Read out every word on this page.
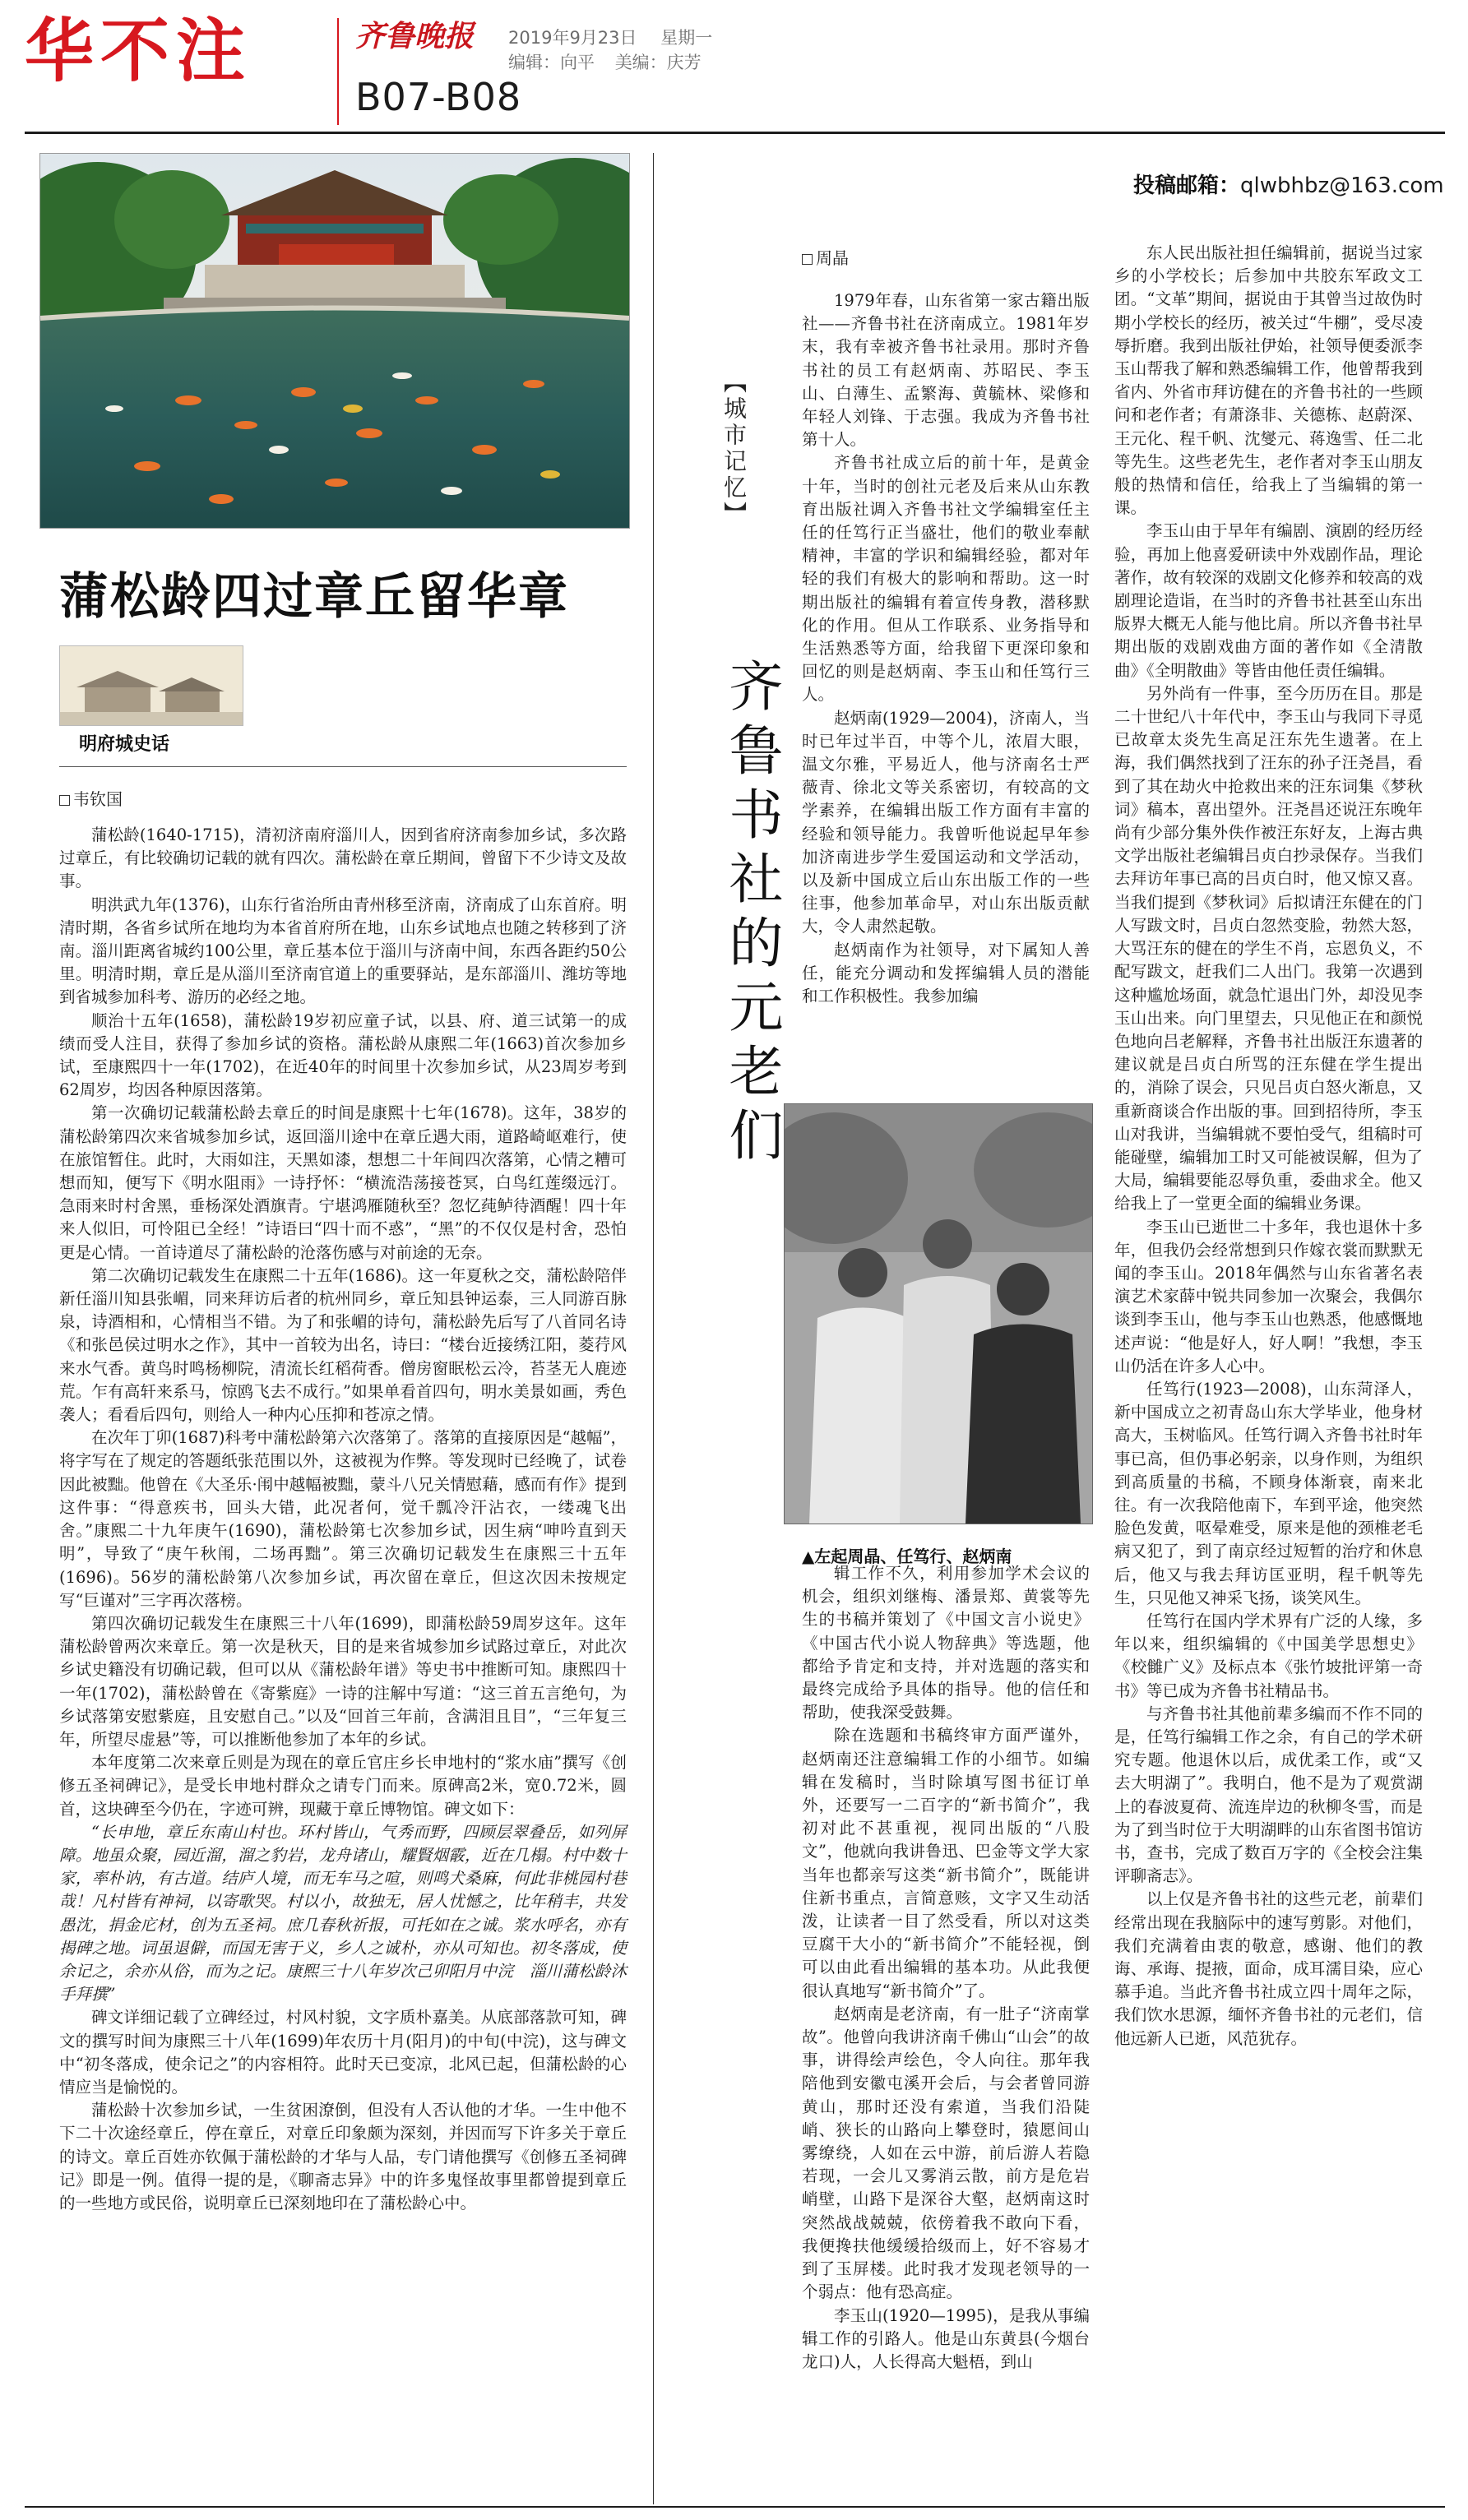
华不注	齐鲁晚报 2019年9月23日 星期一
编辑：向平 美编：庆芳
B07-B08
投稿邮箱：qlwbhbz@163.com
蒲松龄四过章丘留华章
明府城史话
韦钦国

蒲松龄(1640-1715)，清初济南府淄川人，因到省府济南参加乡试，多次路过章丘，有比较确切记载的就有四次。蒲松龄在章丘期间，曾留下不少诗文及故事。

明洪武九年(1376)，山东行省治所由青州移至济南，济南成了山东首府。明清时期，各省乡试所在地均为本省首府所在地，山东乡试地点也随之转移到了济南。淄川距离省城约100公里，章丘基本位于淄川与济南中间，东西各距约50公里。明清时期，章丘是从淄川至济南官道上的重要驿站，是东部淄川、潍坊等地到省城参加科考、游历的必经之地。

顺治十五年(1658)，蒲松龄19岁初应童子试，以县、府、道三试第一的成绩而受人注目，获得了参加乡试的资格。蒲松龄从康熙二年(1663)首次参加乡试，至康熙四十一年(1702)，在近40年的时间里十次参加乡试，从23周岁考到62周岁，均因各种原因落第。

第一次确切记载蒲松龄去章丘的时间是康熙十七年(1678)。这年，38岁的蒲松龄第四次来省城参加乡试，返回淄川途中在章丘遇大雨，道路崎岖难行，使在旅馆暂住。此时，大雨如注，天黑如漆，想想二十年间四次落第，心情之糟可想而知，便写下《明水阻雨》一诗抒怀：“横流浩荡接苍冥，白鸟红莲缀远汀。急雨来时村舍黑，垂杨深处酒旗青。宁堪鸿雁随秋至？忽忆莼鲈待酒醒！四十年来人似旧，可怜阻已全经！”诗语曰“四十而不惑”，“黑”的不仅仅是村舍，恐怕更是心情。一首诗道尽了蒲松龄的沧落伤感与对前途的无奈。

第二次确切记载发生在康熙二十五年(1686)。这一年夏秋之交，蒲松龄陪伴新任淄川知县张嵋，同来拜访后者的杭州同乡，章丘知县钟运泰，三人同游百脉泉，诗酒相和，心情相当不错。为了和张嵋的诗句，蒲松龄先后写了八首同名诗《和张邑侯过明水之作》，其中一首较为出名，诗曰：“楼台近接绣江阳，菱荇风来水气香。黄鸟时鸣杨柳院，清流长红稻荷香。僧房窗眠松云冷，苔茎无人鹿迹荒。乍有高轩来系马，惊鸥飞去不成行。”如果单看首四句，明水美景如画，秀色袭人；看看后四句，则给人一种内心压抑和苍凉之情。

在次年丁卯(1687)科考中蒲松龄第六次落第了。落第的直接原因是“越幅”，将字写在了规定的答题纸张范围以外，这被视为作弊。等发现时已经晚了，试卷因此被黜。他曾在《大圣乐·闱中越幅被黜，蒙斗八兄关情慰藉，感而有作》提到这件事：“得意疾书，回头大错，此况者何，觉千瓢冷汗沾衣，一缕魂飞出舍。”康熙二十九年庚午(1690)，蒲松龄第七次参加乡试，因生病“呻吟直到天明”，导致了“庚午秋闱，二场再黜”。第三次确切记载发生在康熙三十五年(1696)。56岁的蒲松龄第八次参加乡试，再次留在章丘，但这次因未按规定写“巨谨对”三字再次落榜。

第四次确切记载发生在康熙三十八年(1699)，即蒲松龄59周岁这年。这年蒲松龄曾两次来章丘。第一次是秋天，目的是来省城参加乡试路过章丘，对此次乡试史籍没有切确记载，但可以从《蒲松龄年谱》等史书中推断可知。康熙四十一年(1702)，蒲松龄曾在《寄紫庭》一诗的注解中写道：“这三首五言绝句，为乡试落第安慰紫庭，且安慰自己。”以及“回首三年前，含满泪且目”，“三年复三年，所望尽虚悬”等，可以推断他参加了本年的乡试。

本年度第二次来章丘则是为现在的章丘官庄乡长申地村的“浆水庙”撰写《创修五圣祠碑记》，是受长申地村群众之请专门而来。原碑高2米，宽0.72米，圆首，这块碑至今仍在，字迹可辨，现藏于章丘博物馆。碑文如下：

“长申地，章丘东南山村也。环村皆山，气秀而野，四顾层翠叠岳，如列屏障。地虽众聚，园近溜，溜之豹岩，龙舟诸山，耀賢烟霰，近在几榻。村中数十家，率朴讷，有古道。结庐人境，而无车马之喧，则鸣犬桑麻，何此非桃园村巷哉！凡村皆有神祠，以寄歌哭。村以小，故独无，居人忧憾之，比年稍丰，共发愚沈，捐金庀材，创为五圣祠。庶几春秋祈报，可托如在之诚。浆水呼名，亦有揭碑之地。词虽退僻，而国无害于义，乡人之诚朴，亦从可知也。初冬落成，使余记之，余亦从俗，而为之记。康熙三十八年岁次己卯阳月中浣　淄川蒲松龄沐手拜撰”

碑文详细记载了立碑经过，村风村貌，文字质朴嘉美。从底部落款可知，碑文的撰写时间为康熙三十八年(1699)年农历十月(阳月)的中旬(中浣)，这与碑文中“初冬落成，使余记之”的内容相符。此时天已变凉，北风已起，但蒲松龄的心情应当是愉悦的。

蒲松龄十次参加乡试，一生贫困潦倒，但没有人否认他的才华。一生中他不下二十次途经章丘，停在章丘，对章丘印象颇为深刻，并因而写下许多关于章丘的诗文。章丘百姓亦钦佩于蒲松龄的才华与人品，专门请他撰写《创修五圣祠碑记》即是一例。值得一提的是，《聊斋志异》中的许多鬼怪故事里都曾提到章丘的一些地方或民俗，说明章丘已深刻地印在了蒲松龄心中。

【城市记忆】
齐鲁书社的元老们
周晶

1979年春，山东省第一家古籍出版社——齐鲁书社在济南成立。1981年岁末，我有幸被齐鲁书社录用。那时齐鲁书社的员工有赵炳南、苏昭民、李玉山、白薄生、孟繁海、黄毓林、梁修和年轻人刘锋、于志强。我成为齐鲁书社第十人。

齐鲁书社成立后的前十年，是黄金十年，当时的创社元老及后来从山东教育出版社调入齐鲁书社文学编辑室任主任的任笃行正当盛壮，他们的敬业奉献精神，丰富的学识和编辑经验，都对年轻的我们有极大的影响和帮助。这一时期出版社的编辑有着宣传身教，潜移默化的作用。但从工作联系、业务指导和生活熟悉等方面，给我留下更深印象和回忆的则是赵炳南、李玉山和任笃行三人。

赵炳南(1929—2004)，济南人，当时已年过半百，中等个儿，浓眉大眼，温文尔雅，平易近人，他与济南名士严薇青、徐北文等关系密切，有较高的文学素养，在编辑出版工作方面有丰富的经验和领导能力。我曾听他说起早年参加济南进步学生爱国运动和文学活动，以及新中国成立后山东出版工作的一些往事，他参加革命早，对山东出版贡献大，令人肃然起敬。

赵炳南作为社领导，对下属知人善任，能充分调动和发挥编辑人员的潜能和工作积极性。我参加编

▲左起周晶、任笃行、赵炳南

辑工作不久，利用参加学术会议的机会，组织刘继梅、潘景郑、黄裳等先生的书稿并策划了《中国文言小说史》《中国古代小说人物辞典》等选题，他都给予肯定和支持，并对选题的落实和最终完成给予具体的指导。他的信任和帮助，使我深受鼓舞。

除在选题和书稿终审方面严谨外，赵炳南还注意编辑工作的小细节。如编辑在发稿时，当时除填写图书征订单外，还要写一二百字的“新书简介”，我初对此不甚重视，视同出版的“八股文”，他就向我讲鲁迅、巴金等文学大家当年也都亲写这类“新书简介”，既能讲住新书重点，言简意赅，文字又生动活泼，让读者一目了然受看，所以对这类豆腐干大小的“新书简介”不能轻视，倒可以由此看出编辑的基本功。从此我便很认真地写“新书简介”了。

赵炳南是老济南，有一肚子“济南掌故”。他曾向我讲济南千佛山“山会”的故事，讲得绘声绘色，令人向往。那年我陪他到安徽屯溪开会后，与会者曾同游黄山，那时还没有索道，当我们沿陡峭、狭长的山路向上攀登时，猿愿间山雾缭绕，人如在云中游，前后游人若隐若现，一会儿又雾消云散，前方是危岩峭壁，山路下是深谷大壑，赵炳南这时突然战战兢兢，依傍着我不敢向下看，我便搀扶他缓缓拾级而上，好不容易才到了玉屏楼。此时我才发现老领导的一个弱点：他有恐高症。

李玉山(1920—1995)，是我从事编辑工作的引路人。他是山东黄县(今烟台龙口)人，人长得高大魁梧，到山

东人民出版社担任编辑前，据说当过家乡的小学校长；后参加中共胶东军政文工团。“文革”期间，据说由于其曾当过故伪时期小学校长的经历，被关过“牛棚”，受尽凌辱折磨。我到出版社伊始，社领导便委派李玉山帮我了解和熟悉编辑工作，他曾帮我到省内、外省市拜访健在的齐鲁书社的一些顾问和老作者；有萧涤非、关德栋、赵蔚深、王元化、程千帆、沈燮元、蒋逸雪、任二北等先生。这些老先生，老作者对李玉山朋友般的热情和信任，给我上了当编辑的第一课。

李玉山由于早年有编剧、演剧的经历经验，再加上他喜爱研读中外戏剧作品，理论著作，故有较深的戏剧文化修养和较高的戏剧理论造诣，在当时的齐鲁书社甚至山东出版界大概无人能与他比肩。所以齐鲁书社早期出版的戏剧戏曲方面的著作如《全清散曲》《全明散曲》等皆由他任责任编辑。

另外尚有一件事，至今历历在目。那是二十世纪八十年代中，李玉山与我同下寻觅已故章太炎先生高足汪东先生遗著。在上海，我们偶然找到了汪东的孙子汪尧昌，看到了其在劫火中抢救出来的汪东词集《梦秋词》稿本，喜出望外。汪尧昌还说汪东晚年尚有少部分集外佚作被汪东好友，上海古典文学出版社老编辑吕贞白抄录保存。当我们去拜访年事已高的吕贞白时，他又惊又喜。当我们提到《梦秋词》后拟请汪东健在的门人写跋文时，吕贞白忽然变脸，勃然大怒，大骂汪东的健在的学生不肖，忘恩负义，不配写跋文，赶我们二人出门。我第一次遇到这种尴尬场面，就急忙退出门外，却没见李玉山出来。向门里望去，只见他正在和颜悦色地向吕老解释，齐鲁书社出版汪东遗著的建议就是吕贞白所骂的汪东健在学生提出的，消除了误会，只见吕贞白怒火渐息，又重新商谈合作出版的事。回到招待所，李玉山对我讲，当编辑就不要怕受气，组稿时可能碰壁，编辑加工时又可能被误解，但为了大局，编辑要能忍辱负重，委曲求全。他又给我上了一堂更全面的编辑业务课。

李玉山已逝世二十多年，我也退休十多年，但我仍会经常想到只作嫁衣裳而默默无闻的李玉山。2018年偶然与山东省著名表演艺术家薛中锐共同参加一次聚会，我偶尔谈到李玉山，他与李玉山也熟悉，他感慨地述声说：“他是好人，好人啊！”我想，李玉山仍活在许多人心中。

任笃行(1923—2008)，山东菏泽人，新中国成立之初青岛山东大学毕业，他身材高大，玉树临风。任笃行调入齐鲁书社时年事已高，但仍事必躬亲，以身作则，为组织到高质量的书稿，不顾身体渐衰，南来北往。有一次我陪他南下，车到平途，他突然脸色发黄，呕晕难受，原来是他的颈椎老毛病又犯了，到了南京经过短暂的治疗和休息后，他又与我去拜访匡亚明，程千帆等先生，只见他又神采飞扬，谈笑风生。

任笃行在国内学术界有广泛的人缘，多年以来，组织编辑的《中国美学思想史》《校雠广义》及标点本《张竹坡批评第一奇书》等已成为齐鲁书社精品书。

与齐鲁书社其他前辈多编而不作不同的是，任笃行编辑工作之余，有自己的学术研究专题。他退休以后，成优柔工作，或“又去大明湖了”。我明白，他不是为了观赏湖上的春波夏荷、流连岸边的秋柳冬雪，而是为了到当时位于大明湖畔的山东省图书馆访书，查书，完成了数百万字的《全校会注集评聊斋志》。

以上仅是齐鲁书社的这些元老，前辈们经常出现在我脑际中的速写剪影。对他们，我们充满着由衷的敬意，感谢、他们的教诲、承诲、提掖，面命，成耳濡目染，应心慕手追。当此齐鲁书社成立四十周年之际，我们饮水思源，缅怀齐鲁书社的元老们，信他远新人已逝，风范犹存。
